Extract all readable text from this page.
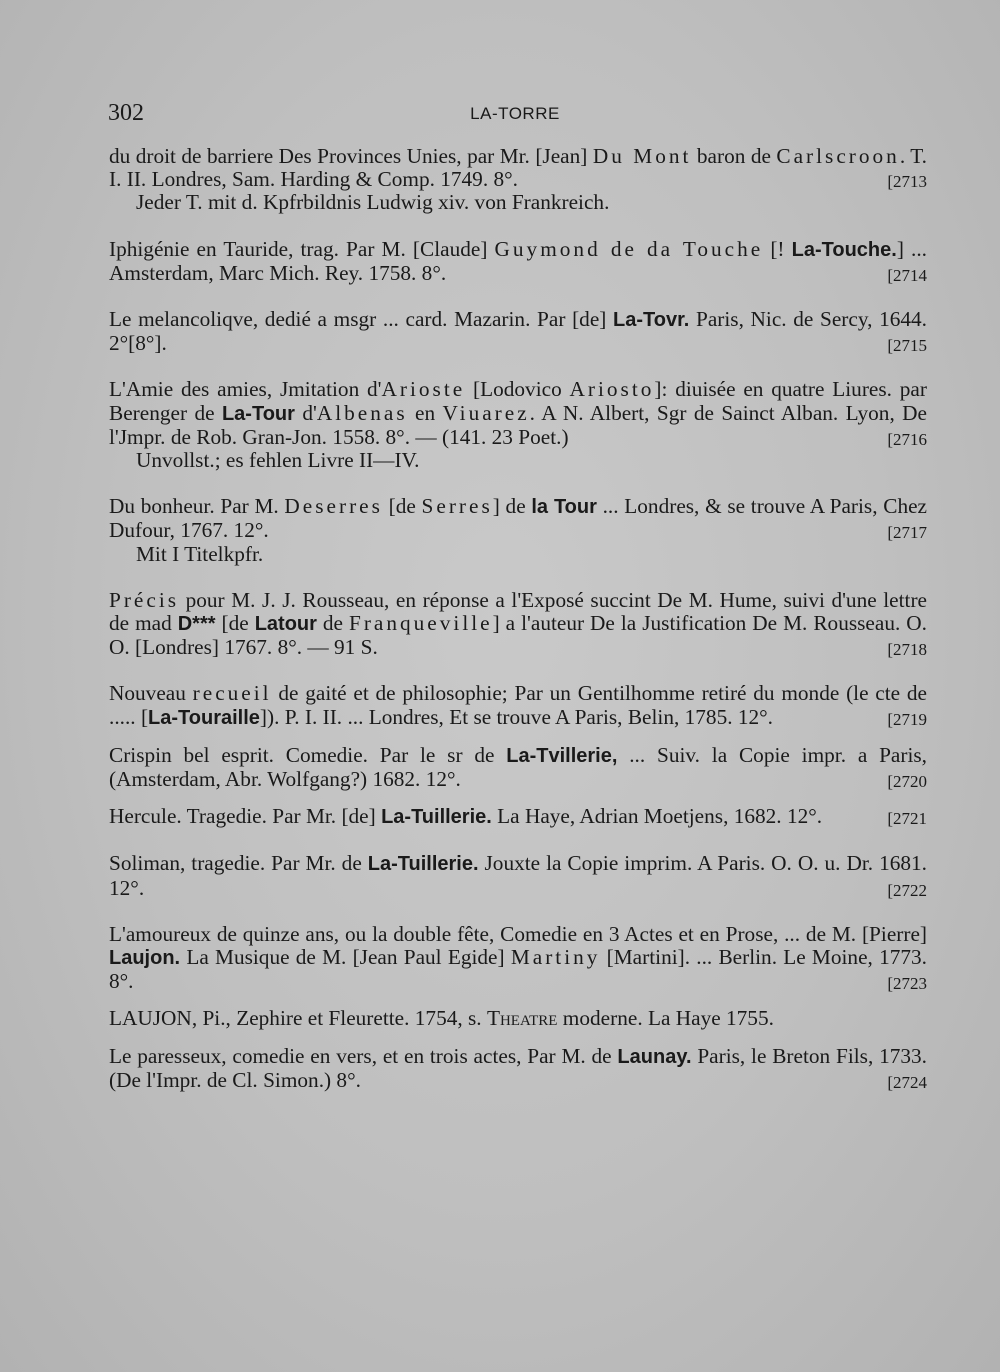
302	LA-TORRE
du droit de barriere Des Provinces Unies, par Mr. [Jean] Du Mont baron de Carlscroon. T. I. II. Londres, Sam. Harding & Comp. 1749. 8°.	[2713
Jeder T. mit d. Kpfrbildnis Ludwig xiv. von Frankreich.
Iphigénie en Tauride, trag. Par M. [Claude] Guymond de da Touche [! La-Touche.] ... Amsterdam, Marc Mich. Rey. 1758. 8°.	[2714
Le melancoliqve, dedié a msgr ... card. Mazarin. Par [de] La-Tovr. Paris, Nic. de Sercy, 1644. 2°[8°].	[2715
L'Amie des amies, Jmitation d'Arioste [Lodovico Ariosto]: diuisée en quatre Liures. par Berenger de La-Tour d'Albenas en Viuarez. A N. Albert, Sgr de Sainct Alban. Lyon, De l'Jmpr. de Rob. Gran-Jon. 1558. 8°. — (141. 23 Poet.)	[2716
Unvollst.; es fehlen Livre II—IV.
Du bonheur. Par M. Deserres [de Serres] de la Tour ... Londres, & se trouve A Paris, Chez Dufour, 1767. 12°.	[2717
Mit I Titelkpfr.
Précis pour M. J. J. Rousseau, en réponse a l'Exposé succint De M. Hume, suivi d'une lettre de mad D*** [de Latour de Franqueville] a l'auteur De la Justification De M. Rousseau. O. O. [Londres] 1767. 8°. — 91 S.	[2718
Nouveau recueil de gaité et de philosophie; Par un Gentilhomme retiré du monde (le cte de ..... [La-Touraille]). P. I. II. ... Londres, Et se trouve A Paris, Belin, 1785. 12°.	[2719
Crispin bel esprit. Comedie. Par le sr de La-Tvillerie, ... Suiv. la Copie impr. a Paris, (Amsterdam, Abr. Wolfgang?) 1682. 12°.	[2720
Hercule. Tragedie. Par Mr. [de] La-Tuillerie. La Haye, Adrian Moetjens, 1682. 12°.	[2721
Soliman, tragedie. Par Mr. de La-Tuillerie. Jouxte la Copie imprim. A Paris. O. O. u. Dr. 1681. 12°.	[2722
L'amoureux de quinze ans, ou la double fête, Comedie en 3 Actes et en Prose, ... de M. [Pierre] Laujon. La Musique de M. [Jean Paul Egide] Martiny [Martini]. ... Berlin. Le Moine, 1773. 8°.	[2723
LAUJON, Pi., Zephire et Fleurette. 1754, s. Theatre moderne. La Haye 1755.
Le paresseux, comedie en vers, et en trois actes, Par M. de Launay. Paris, le Breton Fils, 1733. (De l'Impr. de Cl. Simon.) 8°.	[2724
